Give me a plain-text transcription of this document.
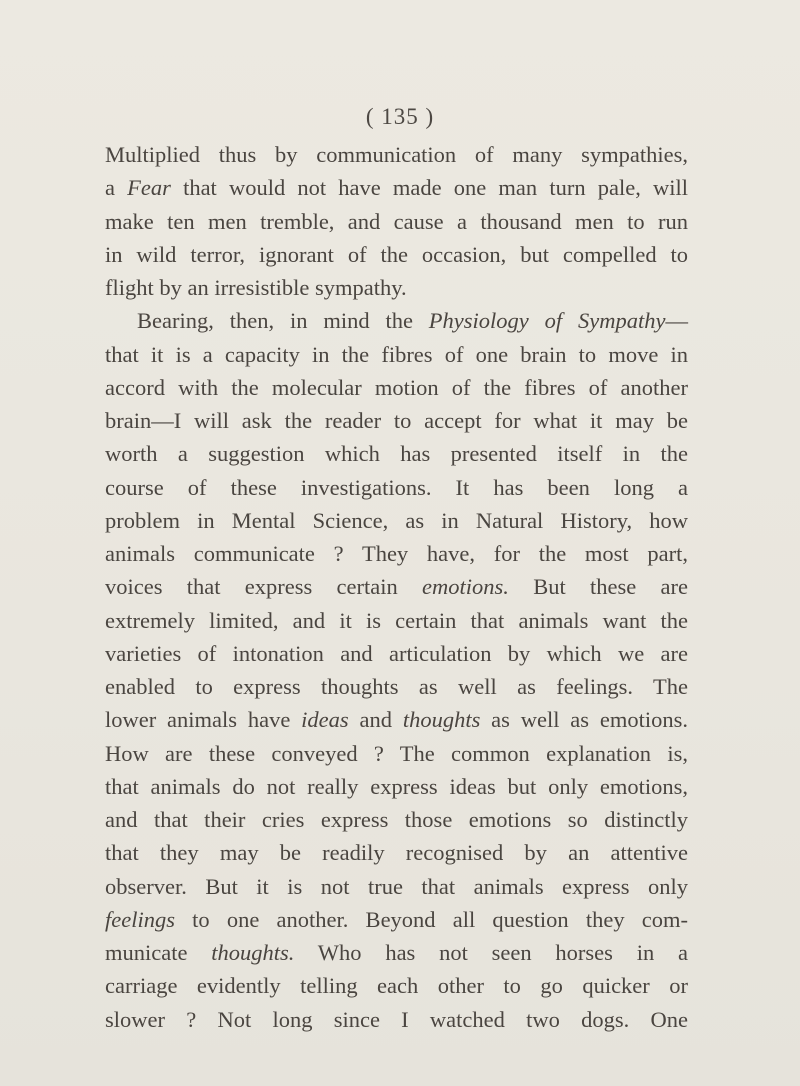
( 135 )
Multiplied thus by communication of many sympathies,
a Fear that would not have made one man turn pale, will
make ten men tremble, and cause a thousand men to run
in wild terror, ignorant of the occasion, but compelled to
flight by an irresistible sympathy.
Bearing, then, in mind the Physiology of Sympathy—
that it is a capacity in the fibres of one brain to move in
accord with the molecular motion of the fibres of another
brain—I will ask the reader to accept for what it may be
worth a suggestion which has presented itself in the
course of these investigations. It has been long a
problem in Mental Science, as in Natural History, how
animals communicate ? They have, for the most part,
voices that express certain emotions. But these are
extremely limited, and it is certain that animals want the
varieties of intonation and articulation by which we are
enabled to express thoughts as well as feelings. The
lower animals have ideas and thoughts as well as emotions.
How are these conveyed ? The common explanation is,
that animals do not really express ideas but only emotions,
and that their cries express those emotions so distinctly
that they may be readily recognised by an attentive
observer. But it is not true that animals express only
feelings to one another. Beyond all question they com-
municate thoughts. Who has not seen horses in a
carriage evidently telling each other to go quicker or
slower ? Not long since I watched two dogs. One
